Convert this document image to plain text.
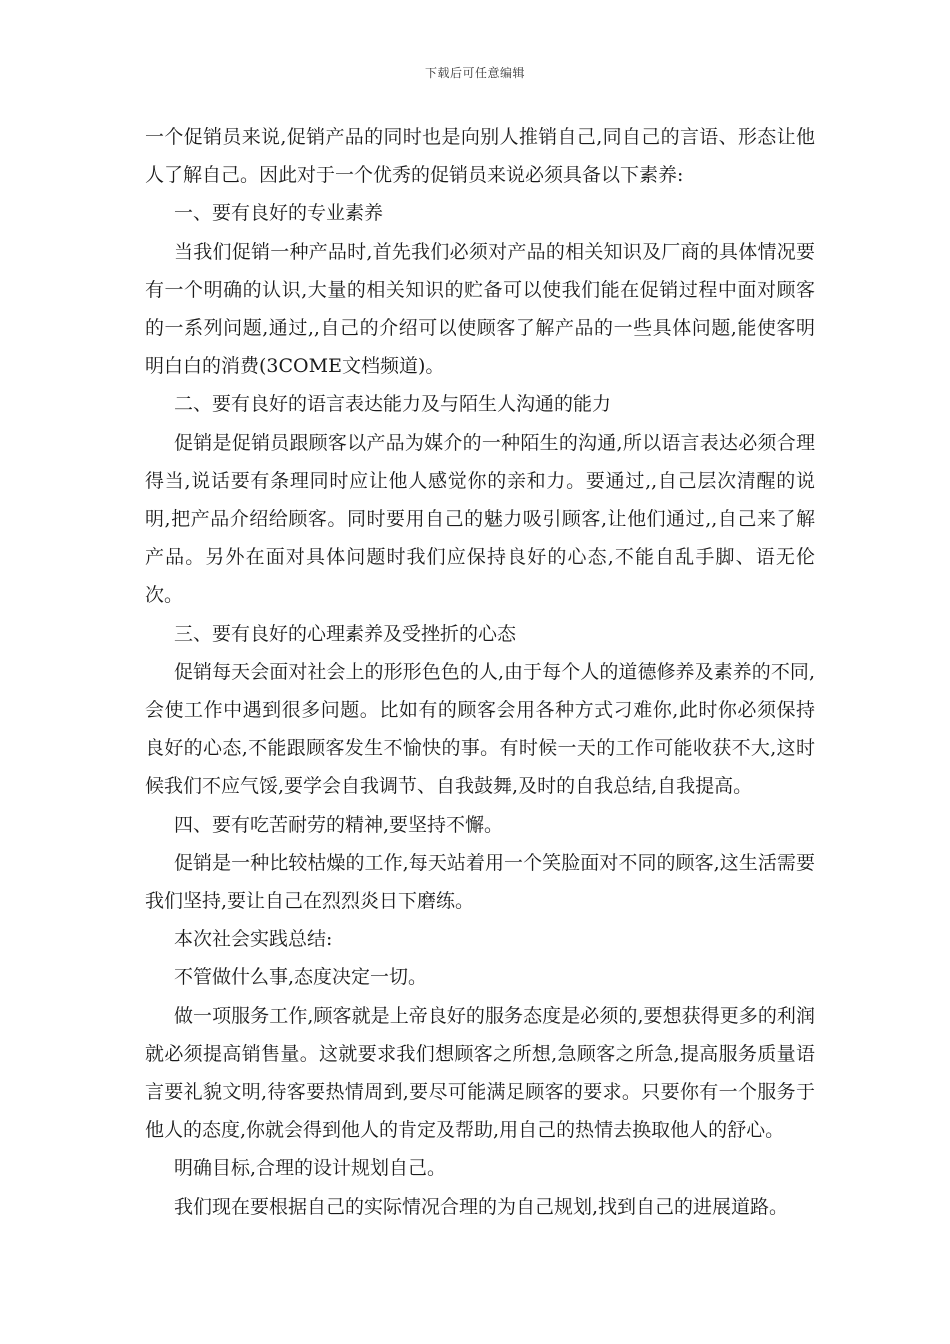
下载后可任意编辑

一个促销员来说,促销产品的同时也是向别人推销自己,同自己的言语、形态让他人了解自己。因此对于一个优秀的促销员来说必须具备以下素养:

一、要有良好的专业素养

当我们促销一种产品时,首先我们必须对产品的相关知识及厂商的具体情况要有一个明确的认识,大量的相关知识的贮备可以使我们能在促销过程中面对顾客的一系列问题,通过,,自己的介绍可以使顾客了解产品的一些具体问题,能使客明明白白的消费(3COME文档频道)。

二、要有良好的语言表达能力及与陌生人沟通的能力

促销是促销员跟顾客以产品为媒介的一种陌生的沟通,所以语言表达必须合理得当,说话要有条理同时应让他人感觉你的亲和力。要通过,,自己层次清醒的说明,把产品介绍给顾客。同时要用自己的魅力吸引顾客,让他们通过,,自己来了解产品。另外在面对具体问题时我们应保持良好的心态,不能自乱手脚、语无伦次。

三、要有良好的心理素养及受挫折的心态

促销每天会面对社会上的形形色色的人,由于每个人的道德修养及素养的不同,会使工作中遇到很多问题。比如有的顾客会用各种方式刁难你,此时你必须保持良好的心态,不能跟顾客发生不愉快的事。有时候一天的工作可能收获不大,这时候我们不应气馁,要学会自我调节、自我鼓舞,及时的自我总结,自我提高。

四、要有吃苦耐劳的精神,要坚持不懈。

促销是一种比较枯燥的工作,每天站着用一个笑脸面对不同的顾客,这生活需要我们坚持,要让自己在烈烈炎日下磨练。

本次社会实践总结:

不管做什么事,态度决定一切。

做一项服务工作,顾客就是上帝良好的服务态度是必须的,要想获得更多的利润就必须提高销售量。这就要求我们想顾客之所想,急顾客之所急,提高服务质量语言要礼貌文明,待客要热情周到,要尽可能满足顾客的要求。只要你有一个服务于他人的态度,你就会得到他人的肯定及帮助,用自己的热情去换取他人的舒心。

明确目标,合理的设计规划自己。

我们现在要根据自己的实际情况合理的为自己规划,找到自己的进展道路。
